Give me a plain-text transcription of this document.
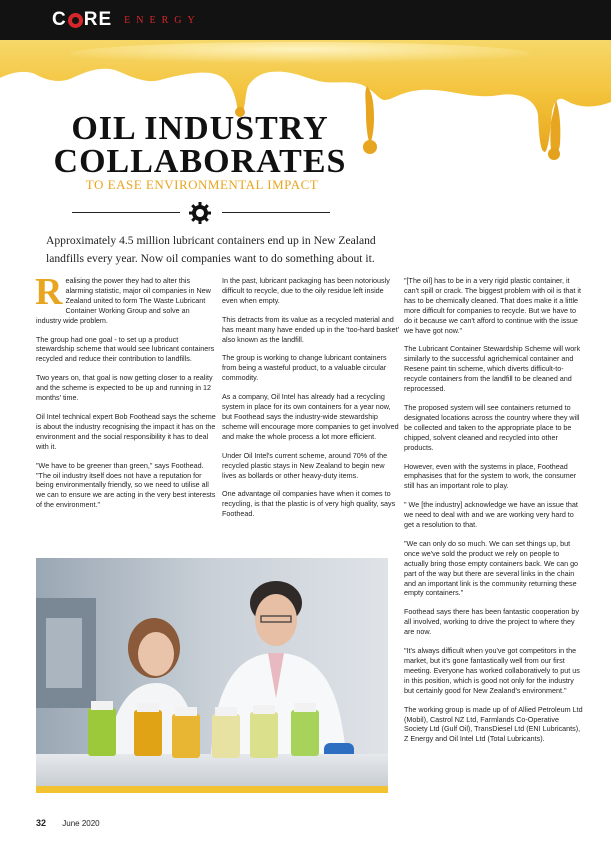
C RE ENERGY
OIL INDUSTRY
COLLABORATES
TO EASE ENVIRONMENTAL IMPACT
Approximately 4.5 million lubricant containers end up in New Zealand landfills every year. Now oil companies want to do something about it.

Realising the power they had to alter this alarming statistic, major oil companies in New Zealand united to form The Waste Lubricant Container Working Group and solve an industry wide problem.

The group had one goal - to set up a product stewardship scheme that would see lubricant containers recycled and reduce their contribution to landfills.

Two years on, that goal is now getting closer to a reality and the scheme is expected to be up and running in 12 months' time.

Oil Intel technical expert Bob Foothead says the scheme is about the industry recognising the impact it has on the environment and the social responsibility it has to deal with it.

"We have to be greener than green," says Foothead. "The oil industry itself does not have a reputation for being environmentally friendly, so we need to utilise all we can to ensure we are acting in the very best interests of the environment."

In the past, lubricant packaging has been notoriously difficult to recycle, due to the oily residue left inside even when empty.

This detracts from its value as a recycled material and has meant many have ended up in the 'too-hard basket' also known as the landfill.

The group is working to change lubricant containers from being a wasteful product, to a valuable circular commodity.

As a company, Oil Intel has already had a recycling system in place for its own containers for a year now, but Foothead says the industry-wide stewardship scheme will encourage more companies to get involved and make the whole process a lot more efficient.

Under Oil Intel's current scheme, around 70% of the recycled plastic stays in New Zealand to begin new lives as bollards or other heavy-duty items.

One advantage oil companies have when it comes to recycling, is that the plastic is of very high quality, says Foothead.

"[The oil] has to be in a very rigid plastic container, it can't spill or crack. The biggest problem with oil is that it has to be chemically cleaned. That does make it a little more difficult for companies to recycle. But we have to do it because we can't afford to continue with the issue we have got now."

The Lubricant Container Stewardship Scheme will work similarly to the successful agrichemical container and Resene paint tin scheme, which diverts difficult-to-recycle containers from the landfill to be cleaned and reprocessed.

The proposed system will see containers returned to designated locations across the country where they will be collected and taken to the appropriate place to be chipped, solvent cleaned and recycled into other products.

However, even with the systems in place, Foothead emphasises that for the system to work, the consumer still has an important role to play.

" We [the industry] acknowledge we have an issue that we need to deal with and we are working very hard to get a resolution to that.

"We can only do so much. We can set things up, but once we've sold the product we rely on people to actually bring those empty containers back. We can go part of the way but there are several links in the chain and an important link is the community returning these empty containers."

Foothead says there has been fantastic cooperation by all involved, working to drive the project to where they are now.

"It's always difficult when you've got competitors in the market, but it's gone fantastically well from our first meeting. Everyone has worked collaboratively to put us in this position, which is good not only for the industry but certainly good for New Zealand's environment."

The working group is made up of of Allied Petroleum Ltd (Mobil), Castrol NZ Ltd, Farmlands Co-Operative Society Ltd (Gulf Oil), TransDiesel Ltd (ENI Lubricants), Z Energy and Oil Intel Ltd (Total Lubricants).

32 June 2020
